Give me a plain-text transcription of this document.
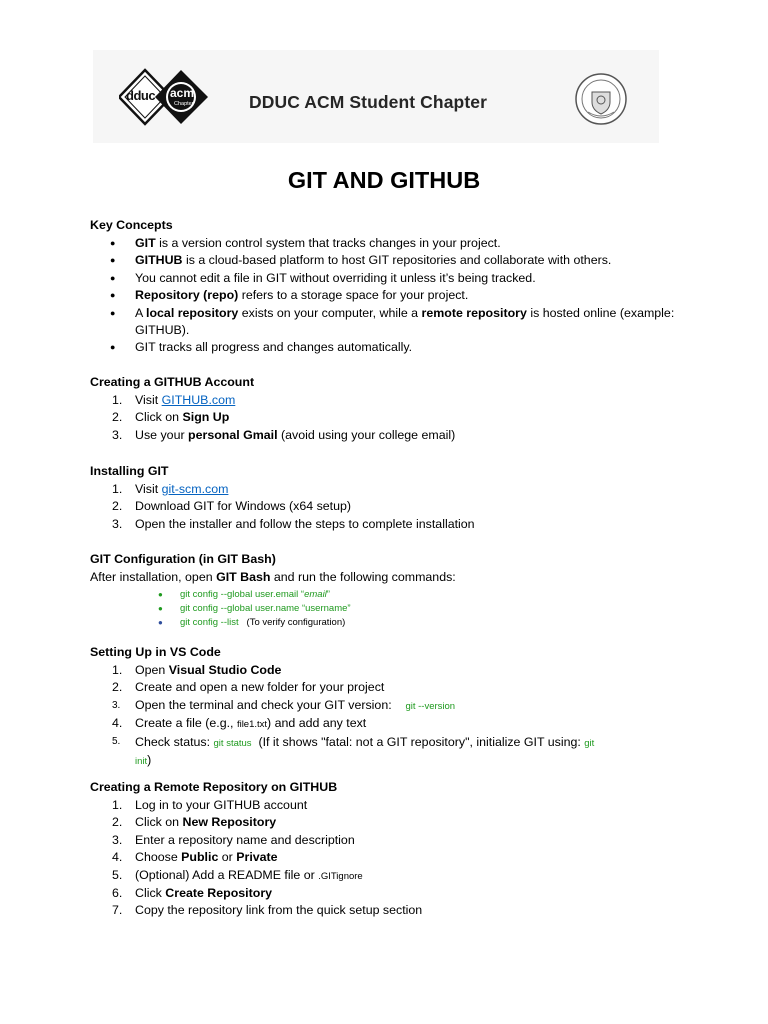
dduc acm
Chapter	DDUC ACM Student Chapter
GIT AND GITHUB
Key Concepts
● GIT is a version control system that tracks changes in your project.
● GITHUB is a cloud-based platform to host GIT repositories and collaborate with others.
● You cannot edit a file in GIT without overriding it unless it’s being tracked.
● Repository (repo) refers to a storage space for your project.
● A local repository exists on your computer, while a remote repository is hosted online (example: GITHUB).
● GIT tracks all progress and changes automatically.
Creating a GITHUB Account
1. Visit GITHUB.com
2. Click on Sign Up
3. Use your personal Gmail (avoid using your college email)
Installing GIT
1. Visit git-scm.com
2. Download GIT for Windows (x64 setup)
3. Open the installer and follow the steps to complete installation
GIT Configuration (in GIT Bash)
After installation, open GIT Bash and run the following commands:
● git config --global user.email “email”
● git config --global user.name “username”
● git config --list (To verify configuration)
Setting Up in VS Code
1. Open Visual Studio Code
2. Create and open a new folder for your project
3. Open the terminal and check your GIT version: git --version
4. Create a file (e.g., file1.txt) and add any text
5. Check status: git status (If it shows "fatal: not a GIT repository", initialize GIT using: git init)
Creating a Remote Repository on GITHUB
1. Log in to your GITHUB account
2. Click on New Repository
3. Enter a repository name and description
4. Choose Public or Private
5. (Optional) Add a README file or .GITignore
6. Click Create Repository
7. Copy the repository link from the quick setup section
